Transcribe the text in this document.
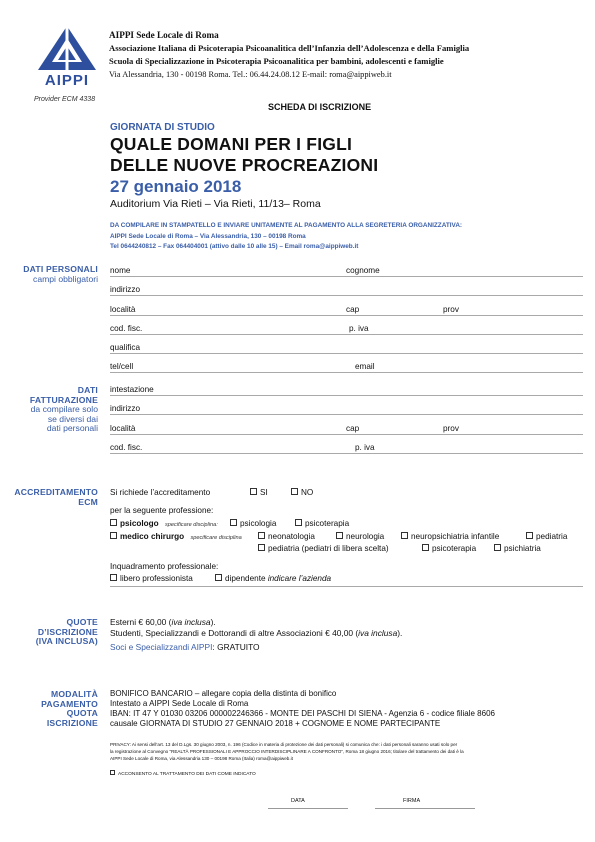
AIPPI
Provider ECM 4338
AIPPI Sede Locale di Roma
Associazione Italiana di Psicoterapia Psicoanalitica dell’Infanzia dell’Adolescenza e della Famiglia
Scuola di Specializzazione in Psicoterapia Psicoanalitica per bambini, adolescenti e famiglie
Via Alessandria, 130 - 00198 Roma. Tel.: 06.44.24.08.12 E-mail: roma@aippiweb.it
SCHEDA DI ISCRIZIONE
GIORNATA DI STUDIO
QUALE DOMANI PER I FIGLI
DELLE NUOVE PROCREAZIONI
27 gennaio 2018
Auditorium Via Rieti – Via Rieti, 11/13– Roma
DA COMPILARE IN STAMPATELLO E INVIARE UNITAMENTE AL PAGAMENTO ALLA SEGRETERIA ORGANIZZATIVA:
AIPPI Sede Locale di Roma – Via Alessandria, 130 – 00198 Roma
Tel 0644240812 – Fax 064404001 (attivo dalle 10 alle 15) – Email roma@aippiweb.it
DATI PERSONALI
campi obbligatori
nome	cognome
indirizzo
località	cap	prov
cod. fisc.	p. iva
qualifica
tel/cell	email
DATI
FATTURAZIONE
da compilare solo
se diversi dai
dati personali
intestazione
indirizzo
località	cap	prov
cod. fisc.	p. iva
ACCREDITAMENTO
ECM
Si richiede l’accreditamento	SI	NO
per la seguente professione:
psicologo specificare disciplina:	psicologia	psicoterapia
medico chirurgo specificare disciplina	neonatologia	neurologia	neuropsichiatria infantile	pediatria
pediatria (pediatri di libera scelta)	psicoterapia	psichiatria
Inquadramento professionale:
libero professionista	dipendente indicare l’azienda
QUOTE
D’ISCRIZIONE
(IVA INCLUSA)
Esterni € 60,00 (iva inclusa).
Studenti, Specializzandi e Dottorandi di altre Associazioni € 40,00 (iva inclusa).
Soci e Specializzandi AIPPI: GRATUITO
MODALITÀ
PAGAMENTO
QUOTA
ISCRIZIONE
BONIFICO BANCARIO – allegare copia della distinta di bonifico
Intestato a AIPPI Sede Locale di Roma
IBAN: IT 47 Y 01030 03206 000002246366 - MONTE DEI PASCHI DI SIENA - Agenzia 6 - codice filiale 8606
causale GIORNATA DI STUDIO 27 GENNAIO 2018 + COGNOME E NOME PARTECIPANTE
PRIVACY: Ai sensi dell’art. 13 del D.Lgs. 30 giugno 2003, n. 196 (Codice in materia di protezione dei dati personali) si comunica che: i dati personali saranno usati solo per
la registrazione al Convegno “REALTÀ PROFESSIONALI E APPROCCIO INTERDISCIPLINARE A CONFRONTO”, Roma 18 giugno 2016; titolare del trattamento dei dati è la
AIPPI Sede Locale di Roma, via Alessandria 130 – 00198 Roma (Italia) roma@aippiweb.it
ACCONSENTO AL TRATTAMENTO DEI DATI COME INDICATO
DATA	FIRMA
